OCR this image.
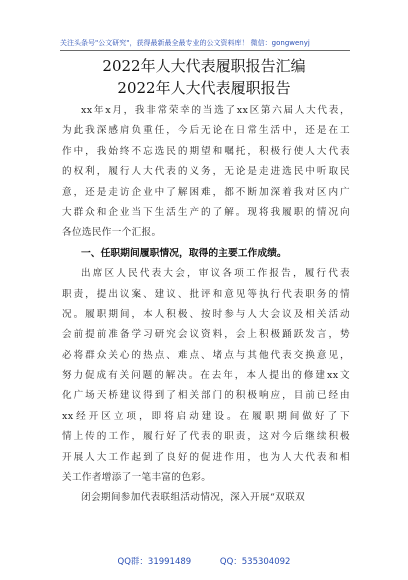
关注头条号"公文研究"，获得最新最全最专业的公文资料库！ 微信：gongwenyj
2022年人大代表履职报告汇编
2022年人大代表履职报告

xx年x月，我非常荣幸的当选了xx区第六届人大代表，
为此我深感肩负重任，今后无论在日常生活中，还是在工
作中，我始终不忘选民的期望和嘱托，积极行使人大代表
的权利，履行人大代表的义务，无论是走进选民中听取民
意，还是走访企业中了解困难，都不断加深着我对区内广
大群众和企业当下生活生产的了解。现将我履职的情况向
各位选民作一个汇报。

一、任职期间履职情况，取得的主要工作成绩。

出席区人民代表大会，审议各项工作报告，履行代表
职责，提出议案、建议、批评和意见等执行代表职务的情
况。履职期间，本人积极、按时参与人大会议及相关活动
会前提前准备学习研究会议资料，会上积极踊跃发言，势
必将群众关心的热点、难点、堵点与其他代表交换意见，
努力促成有关问题的解决。在去年，本人提出的修建xx文
化广场天桥建议得到了相关部门的积极响应，目前已经由
xx经开区立项，即将启动建设。在履职期间做好了下
情上传的工作，履行好了代表的职责，这对今后继续积极
开展人大工作起到了良好的促进作用，也为人大代表和相
关工作者增添了一笔丰富的色彩。

闭会期间参加代表联组活动情况，深入开展“双联双

QQ群：31991489	QQ：535304092
